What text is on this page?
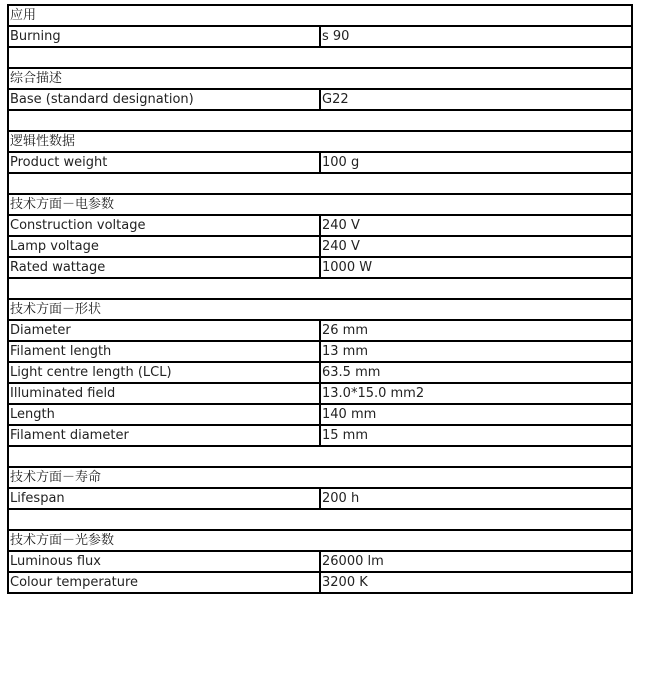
应用	
Burning	s 90

综合描述	
Base (standard designation)	G22

逻辑性数据	
Product weight	100 g

技术方面－电参数	
Construction voltage	240 V
Lamp voltage	240 V
Rated wattage	1000 W

技术方面－形状	
Diameter	26 mm
Filament length	13 mm
Light centre length (LCL)	63.5 mm
Illuminated field	13.0*15.0 mm2
Length	140 mm
Filament diameter	15 mm

技术方面－寿命	
Lifespan	200 h

技术方面－光参数	
Luminous flux	26000 lm
Colour temperature	3200 K
